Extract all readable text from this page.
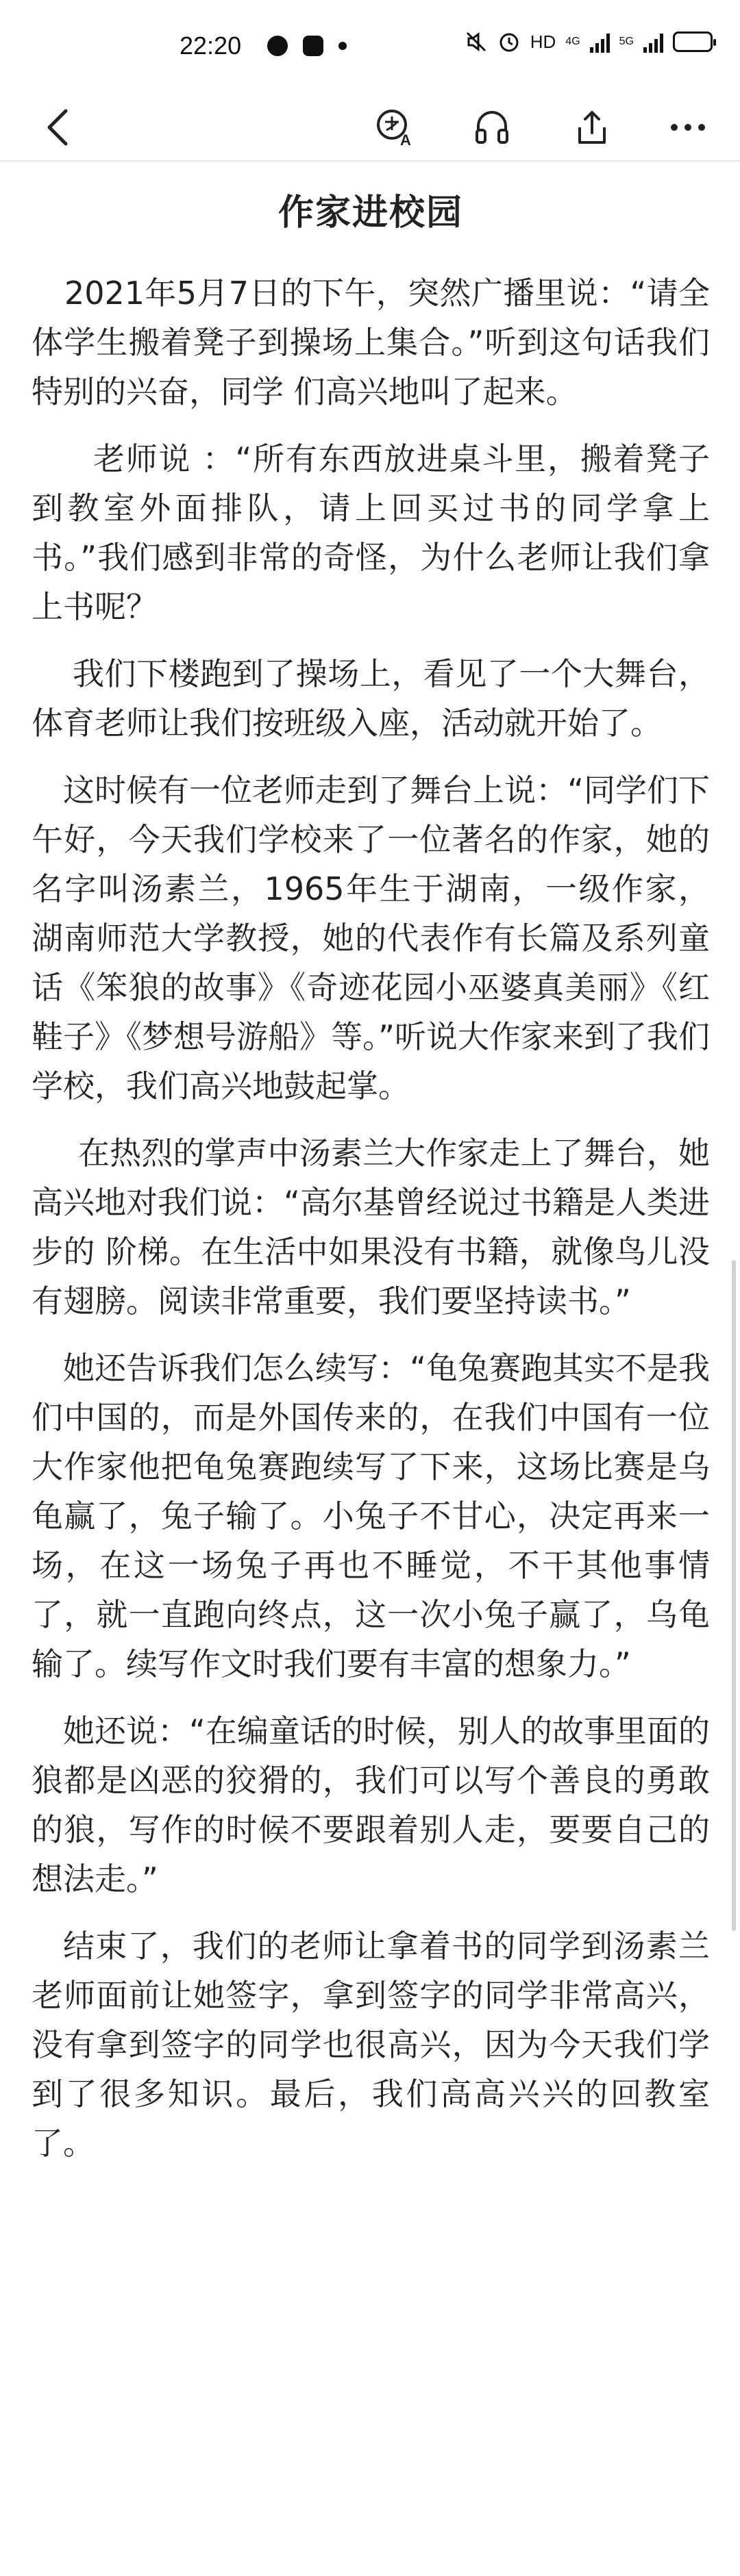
22:20	HD 4G	5G
A
作家进校园

2021年5月7日的下午，突然广播里说：“请全体学生搬着凳子到操场上集合。”听到这句话我们特别的兴奋，同学 们高兴地叫了起来。

老师说 ：“所有东西放进桌斗里，搬着凳子到教室外面排队，请上回买过书的同学拿上书。”我们感到非常的奇怪，为什么老师让我们拿上书呢？

我们下楼跑到了操场上，看见了一个大舞台，体育老师让我们按班级入座，活动就开始了。

这时候有一位老师走到了舞台上说：“同学们下午好，今天我们学校来了一位著名的作家，她的名字叫汤素兰，1965年生于湖南，一级作家，湖南师范大学教授，她的代表作有长篇及系列童话《笨狼的故事》《奇迹花园小巫婆真美丽》《红鞋子》《梦想号游船》等。”听说大作家来到了我们学校，我们高兴地鼓起掌。

在热烈的掌声中汤素兰大作家走上了舞台，她高兴地对我们说：“高尔基曾经说过书籍是人类进步的 阶梯。在生活中如果没有书籍，就像鸟儿没有翅膀。阅读非常重要，我们要坚持读书。”

她还告诉我们怎么续写：“龟兔赛跑其实不是我们中国的，而是外国传来的，在我们中国有一位大作家他把龟兔赛跑续写了下来，这场比赛是乌龟赢了，兔子输了。小兔子不甘心，决定再来一场，在这一场兔子再也不睡觉，不干其他事情了，就一直跑向终点，这一次小兔子赢了，乌龟输了。续写作文时我们要有丰富的想象力。”

她还说：“在编童话的时候，别人的故事里面的狼都是凶恶的狡猾的，我们可以写个善良的勇敢的狼，写作的时候不要跟着别人走，要要自己的想法走。”

结束了，我们的老师让拿着书的同学到汤素兰老师面前让她签字，拿到签字的同学非常高兴，没有拿到签字的同学也很高兴，因为今天我们学到了很多知识。最后，我们高高兴兴的回教室了。
